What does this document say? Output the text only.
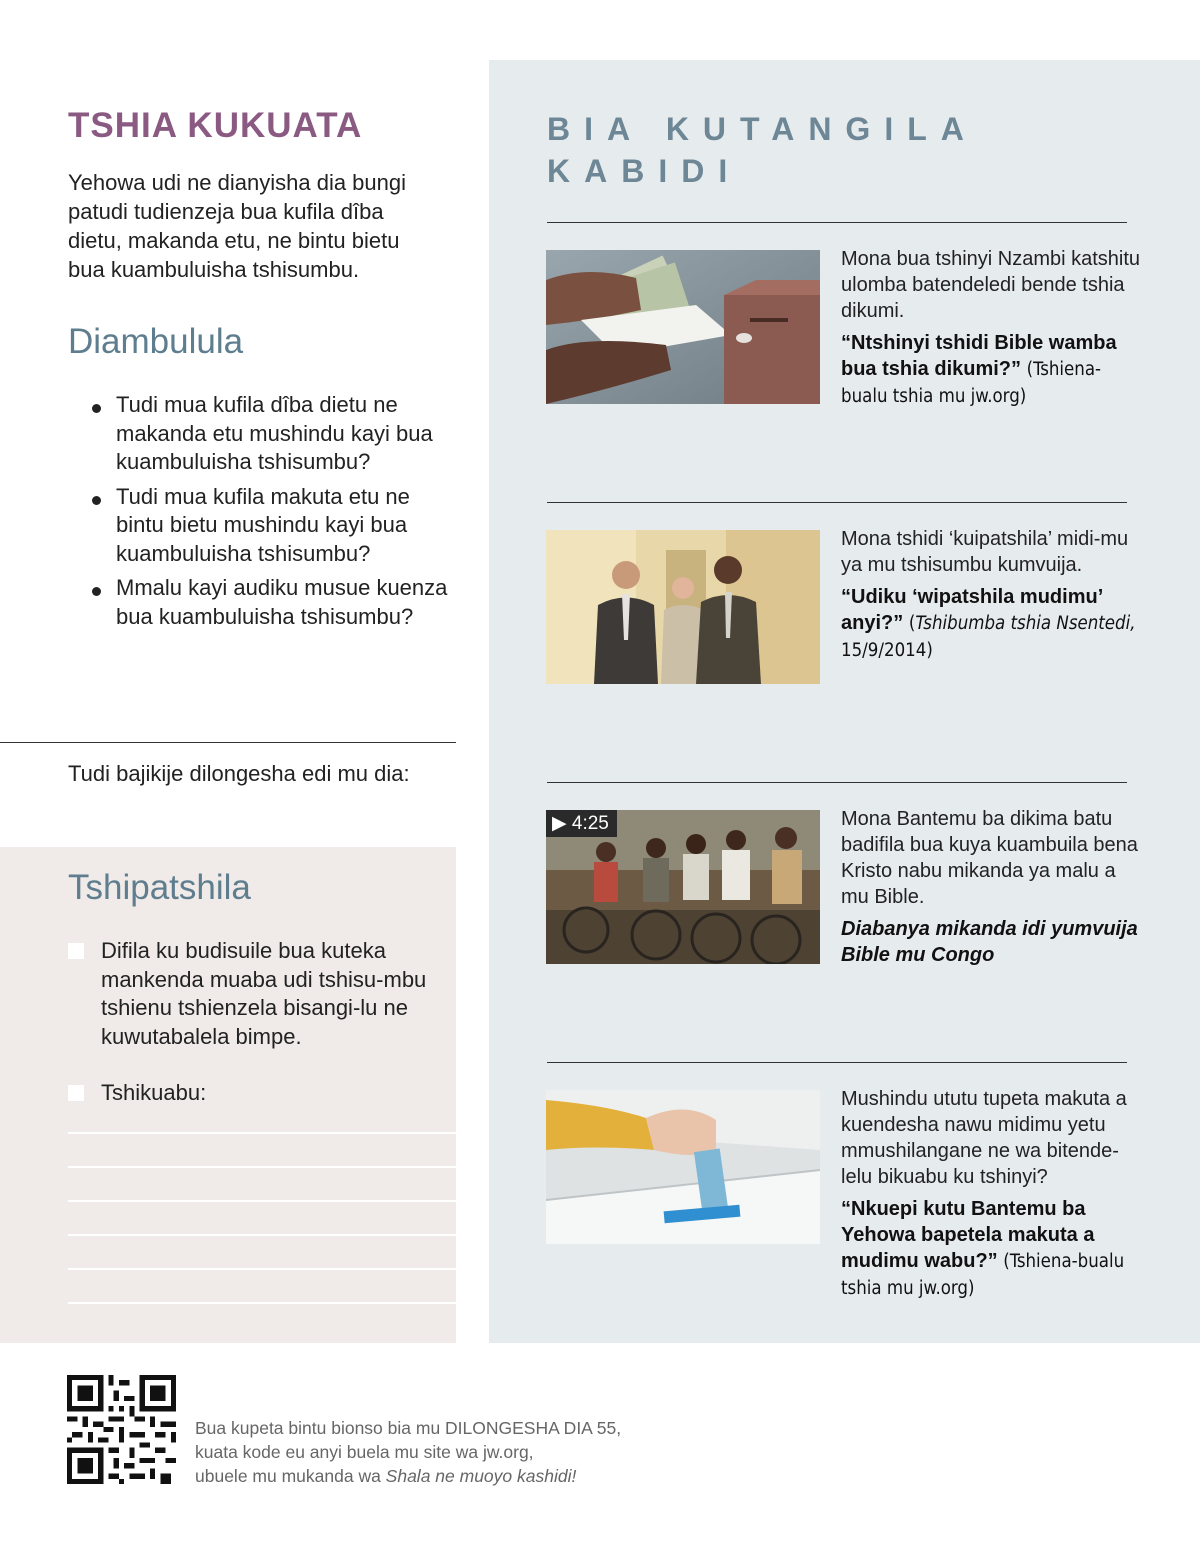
TSHIA KUKUATA

Yehowa udi ne dianyisha dia bungi patudi tudienzeja bua kufila dîba dietu, makanda etu, ne bintu bietu bua kuambuluisha tshisumbu.

Diambulula
Tudi mua kufila dîba dietu ne makanda etu mushindu kayi bua kuambuluisha tshisumbu?
Tudi mua kufila makuta etu ne bintu bietu mushindu kayi bua kuambuluisha tshisumbu?
Mmalu kayi audiku musue kuenza bua kuambuluisha tshisumbu?

Tudi bajikije dilongesha edi mu dia:

Tshipatshila
Difila ku budisuile bua kuteka mankenda muaba udi tshisu-mbu tshienu tshienzela bisangi-lu ne kuwutabalela bimpe.
Tshikuabu:
BIA KUTANGILA KABIDI

Mona bua tshinyi Nzambi katshitu ulomba batendeledi bende tshia dikumi.

“Ntshinyi tshidi Bible wamba bua tshia dikumi?” (Tshiena-bualu tshia mu jw.org)

Mona tshidi ‘kuipatshila’ midi-mu ya mu tshisumbu kumvuija.

“Udiku ‘wipatshila mudimu’ anyi?” (Tshibumba tshia Nsentedi, 15/9/2014)

▶ 4:25	Mona Bantemu ba dikima batu badifila bua kuya kuambuila bena Kristo nabu mikanda ya malu a mu Bible.

Diabanya mikanda idi yumvuija Bible mu Congo

Mushindu ututu tupeta makuta a kuendesha nawu midimu yetu mmushilangane ne wa bitende-lelu bikuabu ku tshinyi?

“Nkuepi kutu Bantemu ba Yehowa bapetela makuta a mudimu wabu?” (Tshiena-bualu tshia mu jw.org)

Bua kupeta bintu bionso bia mu DILONGESHA DIA 55,
kuata kode eu anyi buela mu site wa jw.org,
ubuele mu mukanda wa Shala ne muoyo kashidi!
